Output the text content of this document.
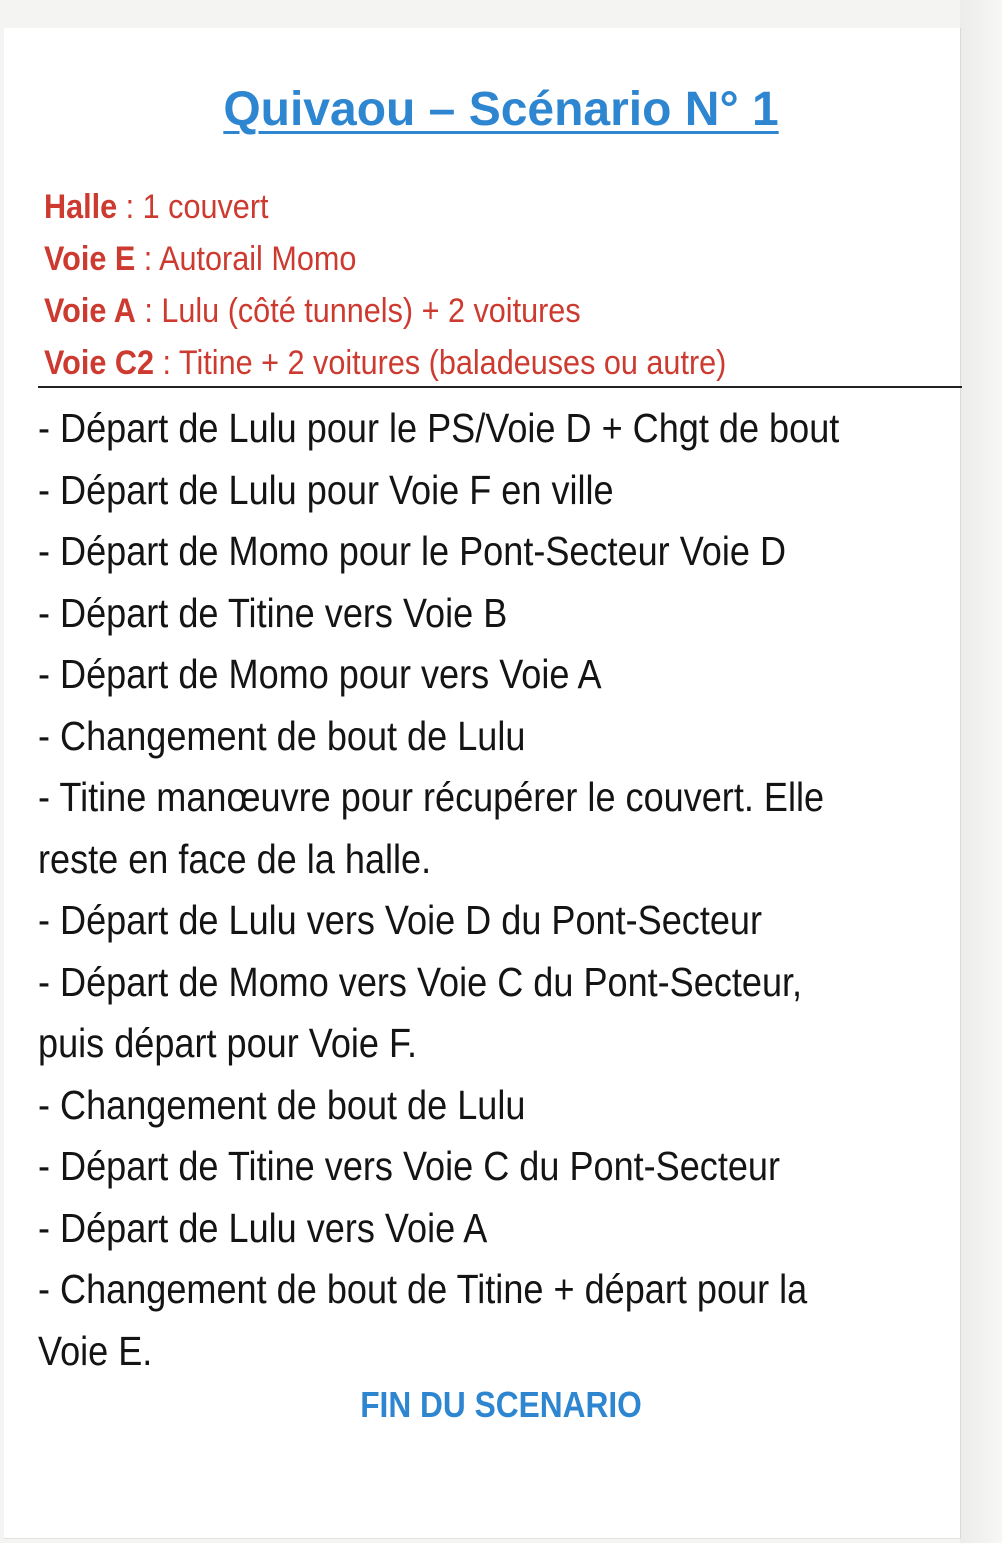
Quivaou – Scénario N° 1
Halle : 1 couvert
Voie E : Autorail Momo
Voie A : Lulu (côté tunnels) + 2 voitures
Voie C2 : Titine + 2 voitures (baladeuses ou autre)
- Départ de Lulu pour le PS/Voie D + Chgt de bout
- Départ de Lulu pour Voie F en ville
- Départ de Momo pour le Pont-Secteur Voie D
- Départ de Titine vers Voie B
- Départ de Momo pour vers Voie A
- Changement de bout de Lulu
- Titine manœuvre pour récupérer le couvert. Elle
reste en face de la halle.
- Départ de Lulu vers Voie D du Pont-Secteur
- Départ de Momo vers Voie C du Pont-Secteur,
puis départ pour Voie F.
- Changement de bout de Lulu
- Départ de Titine vers Voie C du Pont-Secteur
- Départ de Lulu vers Voie A
- Changement de bout de Titine + départ pour la
Voie E.
FIN DU SCENARIO
